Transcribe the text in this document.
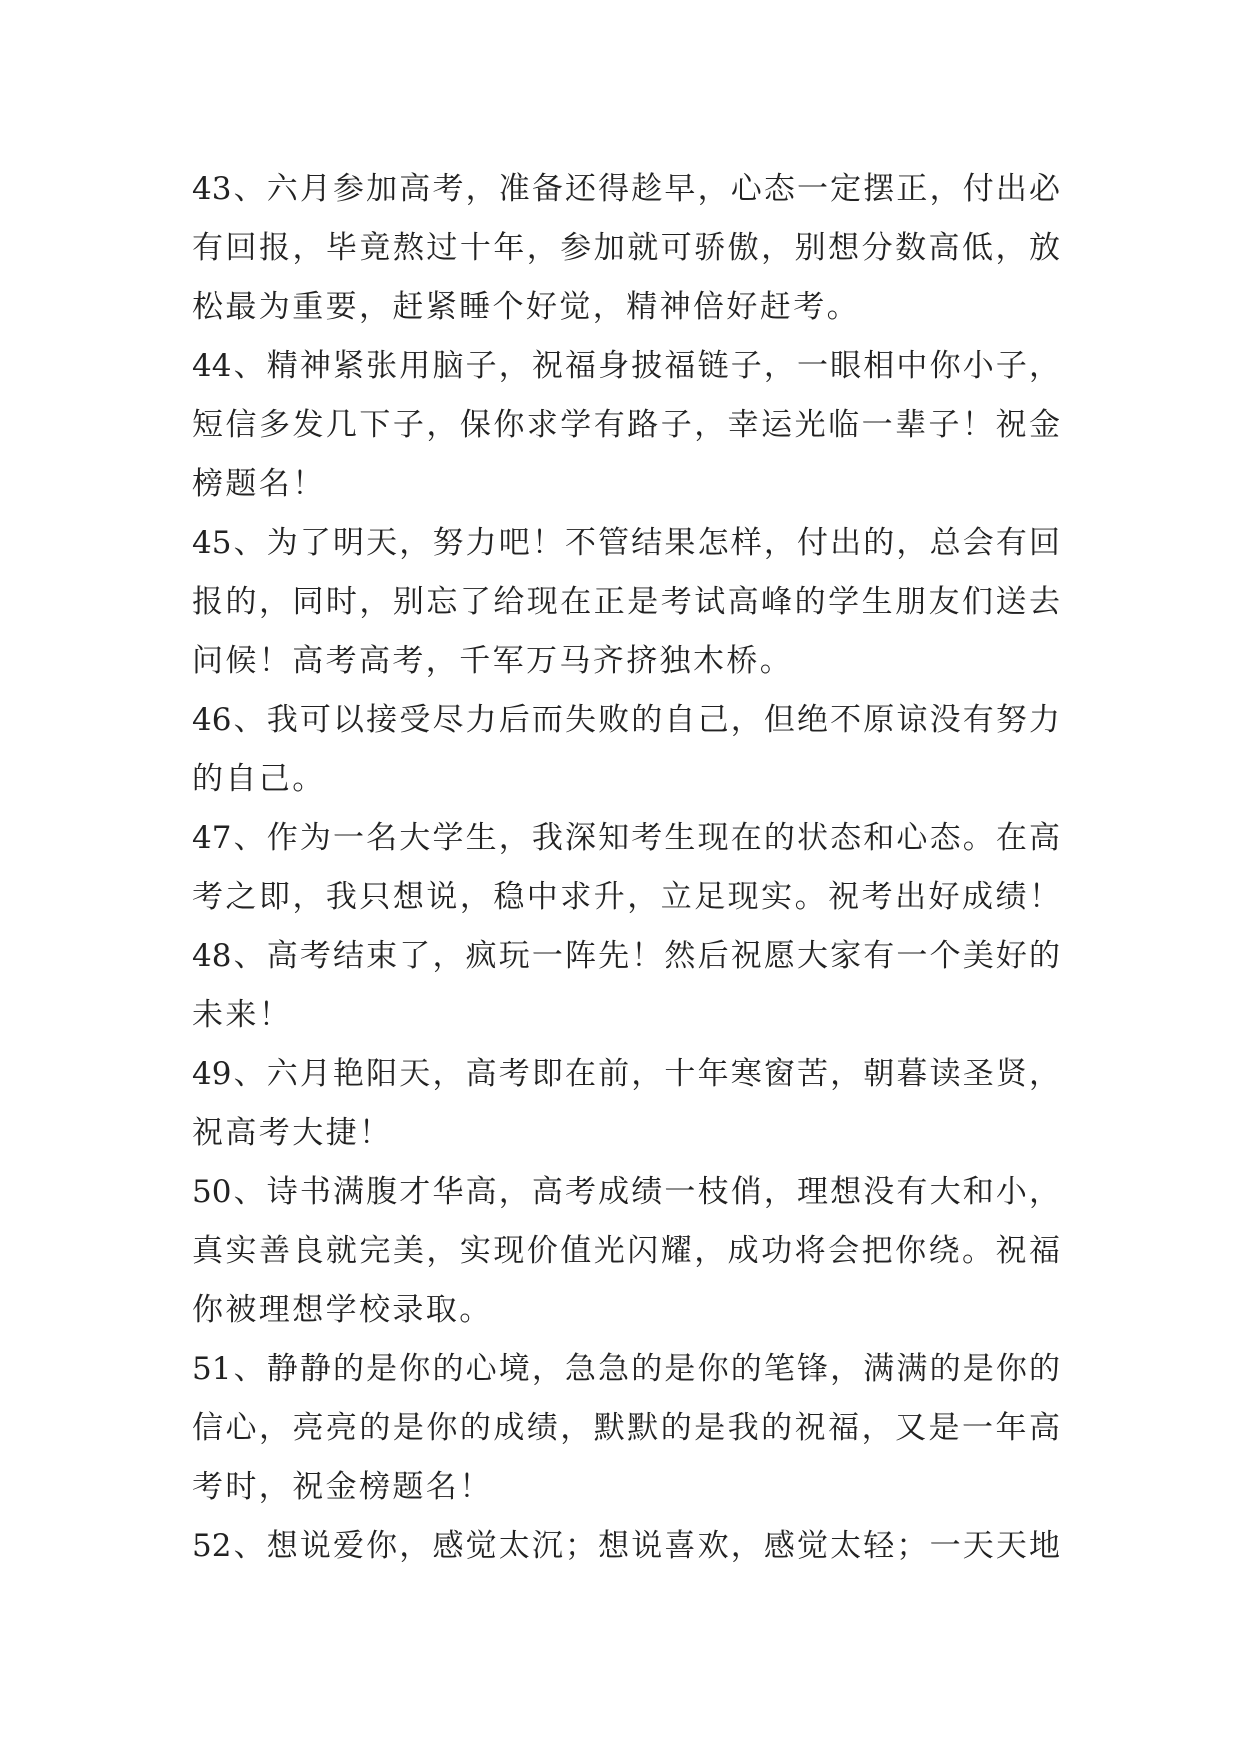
43、六月参加高考，准备还得趁早，心态一定摆正，付出必
有回报，毕竟熬过十年，参加就可骄傲，别想分数高低，放
松最为重要，赶紧睡个好觉，精神倍好赶考。
44、精神紧张用脑子，祝福身披福链子，一眼相中你小子，
短信多发几下子，保你求学有路子，幸运光临一辈子！祝金
榜题名！
45、为了明天，努力吧！不管结果怎样，付出的，总会有回
报的，同时，别忘了给现在正是考试高峰的学生朋友们送去
问候！高考高考，千军万马齐挤独木桥。
46、我可以接受尽力后而失败的自己，但绝不原谅没有努力
的自己。
47、作为一名大学生，我深知考生现在的状态和心态。在高
考之即，我只想说，稳中求升，立足现实。祝考出好成绩！
48、高考结束了，疯玩一阵先！然后祝愿大家有一个美好的
未来！
49、六月艳阳天，高考即在前，十年寒窗苦，朝暮读圣贤，
祝高考大捷！
50、诗书满腹才华高，高考成绩一枝俏，理想没有大和小，
真实善良就完美，实现价值光闪耀，成功将会把你绕。祝福
你被理想学校录取。
51、静静的是你的心境，急急的是你的笔锋，满满的是你的
信心，亮亮的是你的成绩，默默的是我的祝福，又是一年高
考时，祝金榜题名！
52、想说爱你，感觉太沉；想说喜欢，感觉太轻；一天天地
